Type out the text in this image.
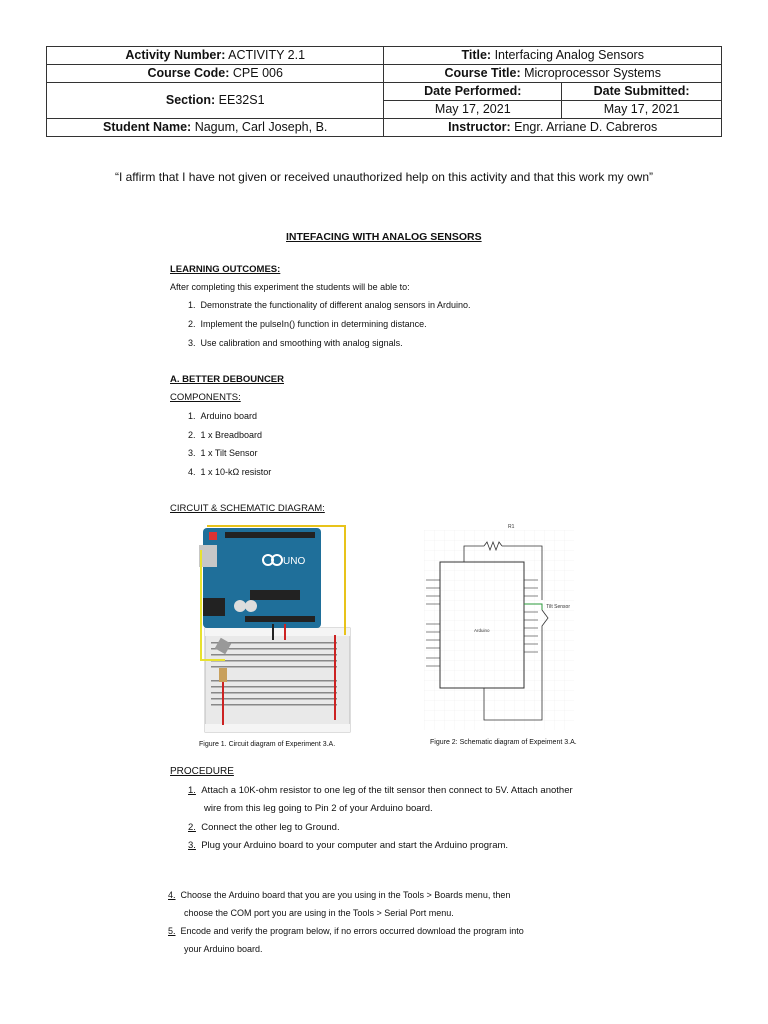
Activity Number: ACTIVITY 2.1	Title: Interfacing Analog Sensors	
Course Code: CPE 006	Course Title: Microprocessor Systems	
Section: EE32S1	Date Performed:	Date Submitted:
	May 17, 2021	May 17, 2021
Student Name: Nagum, Carl Joseph, B.	Instructor: Engr. Arriane D. Cabreros	
“I affirm that I have not given or received unauthorized help on this activity and that this work my own”
INTEFACING WITH ANALOG SENSORS
LEARNING OUTCOMES:
After completing this experiment the students will be able to:
1.  Demonstrate the functionality of different analog sensors in Arduino.
2.  Implement the pulseIn() function in determining distance.
3.  Use calibration and smoothing with analog signals.
A. BETTER DEBOUNCER
COMPONENTS:
1.  Arduino board
2.  1 x Breadboard
3.  1 x Tilt Sensor
4.  1 x 10-kΩ resistor
CIRCUIT & SCHEMATIC DIAGRAM:
UNO
R1
Tilt Sensor
Arduino
Figure 1. Circuit diagram of Experiment 3.A.	Figure 2: Schematic diagram of Expeiment 3.A.
PROCEDURE
1. Attach a 10K-ohm resistor to one leg of the tilt sensor then connect to 5V. Attach another
wire from this leg going to Pin 2 of your Arduino board.
2. Connect the other leg to Ground.
3. Plug your Arduino board to your computer and start the Arduino program.
4. Choose the Arduino board that you are you using in the Tools > Boards menu, then
choose the COM port you are using in the Tools > Serial Port menu.
5. Encode and verify the program below, if no errors occurred download the program into
your Arduino board.
